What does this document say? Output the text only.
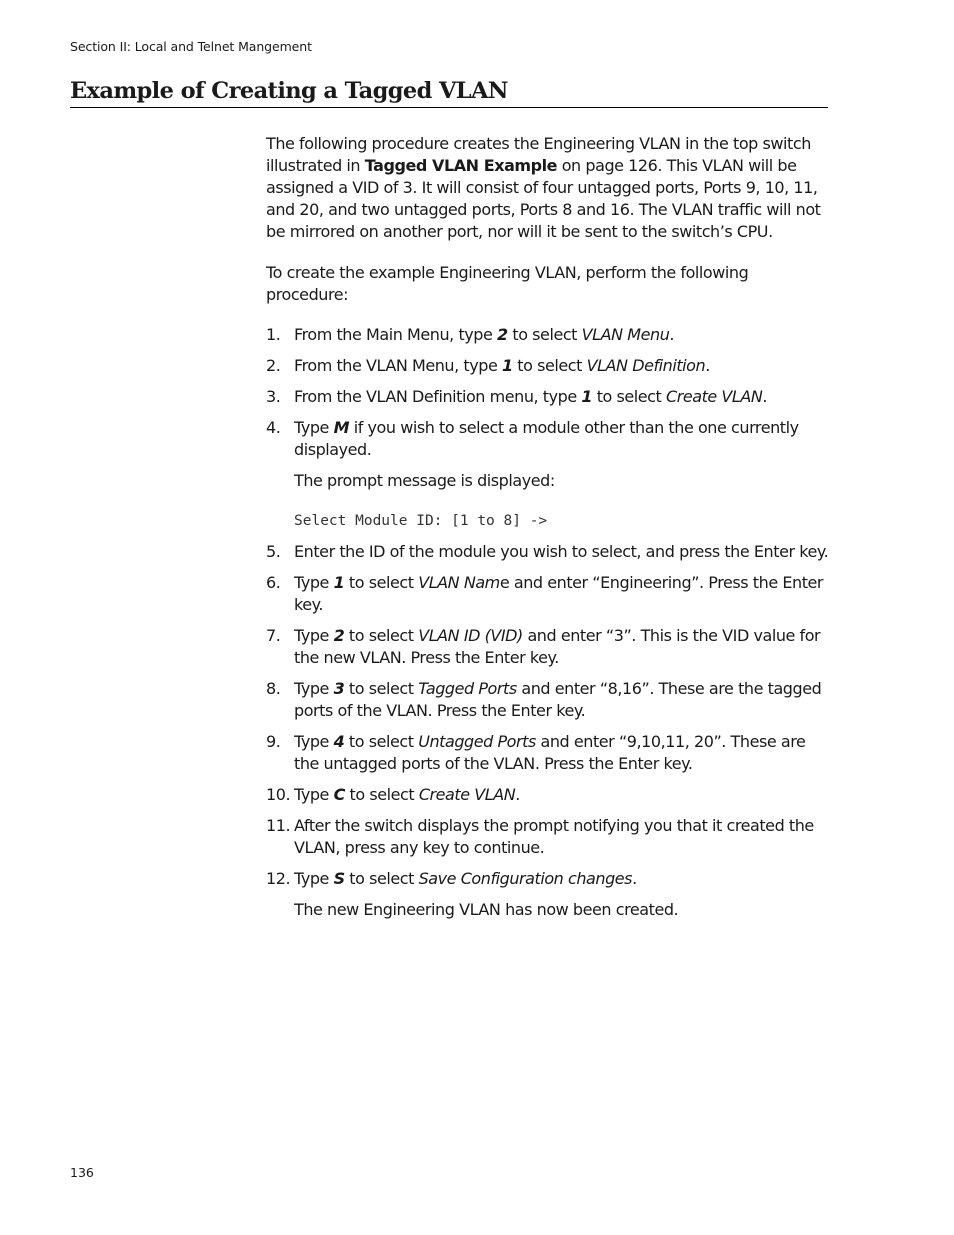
Section II: Local and Telnet Mangement
Example of Creating a Tagged VLAN

The following procedure creates the Engineering VLAN in the top switch illustrated in Tagged VLAN Example on page 126. This VLAN will be assigned a VID of 3. It will consist of four untagged ports, Ports 9, 10, 11, and 20, and two untagged ports, Ports 8 and 16. The VLAN traffic will not be mirrored on another port, nor will it be sent to the switch’s CPU.

To create the example Engineering VLAN, perform the following procedure:

1. From the Main Menu, type 2 to select VLAN Menu.
2. From the VLAN Menu, type 1 to select VLAN Definition.
3. From the VLAN Definition menu, type 1 to select Create VLAN.
4. Type M if you wish to select a module other than the one currently displayed.
The prompt message is displayed:
Select Module ID: [1 to 8] ->
5. Enter the ID of the module you wish to select, and press the Enter key.
6. Type 1 to select VLAN Name and enter “Engineering”. Press the Enter key.
7. Type 2 to select VLAN ID (VID) and enter “3”. This is the VID value for the new VLAN. Press the Enter key.
8. Type 3 to select Tagged Ports and enter “8,16”. These are the tagged ports of the VLAN. Press the Enter key.
9. Type 4 to select Untagged Ports and enter “9,10,11, 20”. These are the untagged ports of the VLAN. Press the Enter key.
10. Type C to select Create VLAN.
11. After the switch displays the prompt notifying you that it created the VLAN, press any key to continue.
12. Type S to select Save Configuration changes.
The new Engineering VLAN has now been created.
136
